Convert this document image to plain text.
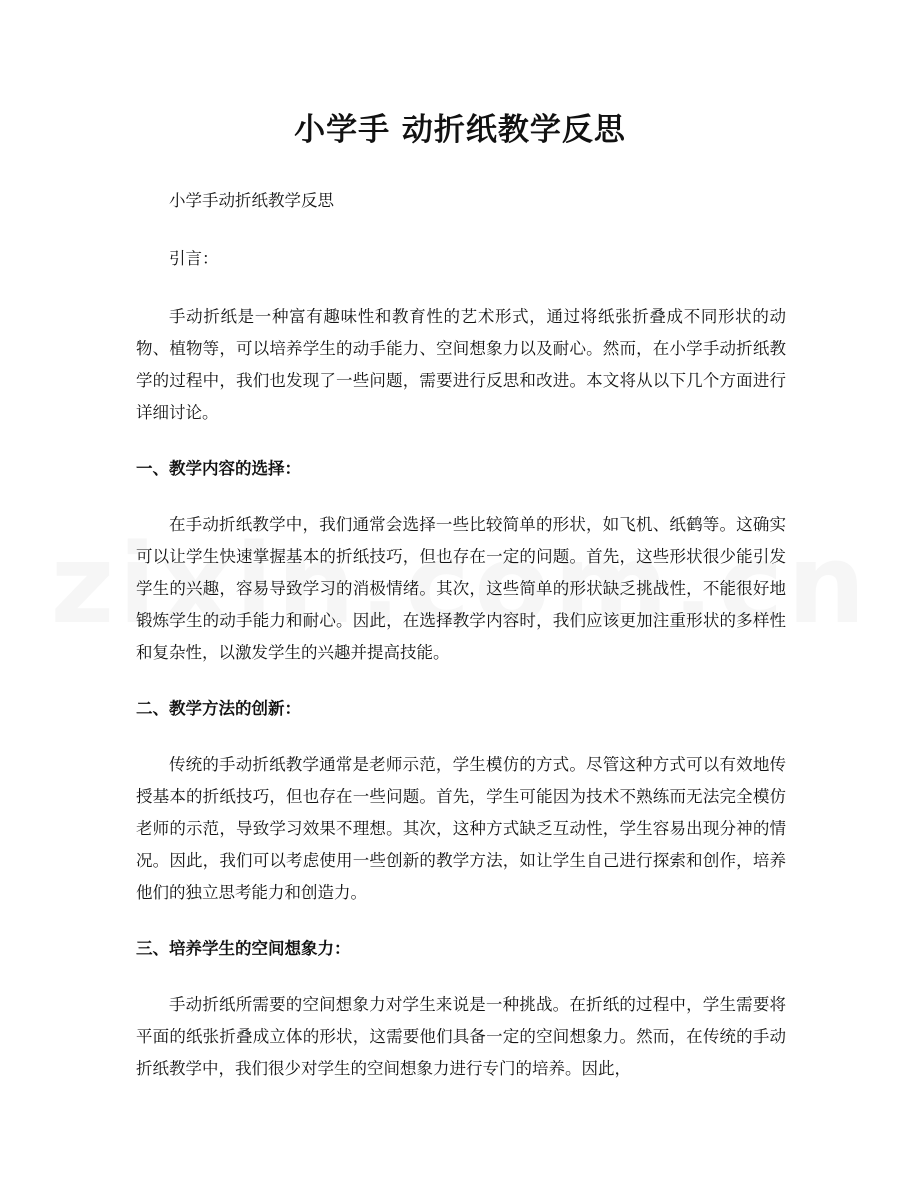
小学手 动折纸教学反思

小学手动折纸教学反思

引言：

手动折纸是一种富有趣味性和教育性的艺术形式，通过将纸张折叠成不同形状的动物、植物等，可以培养学生的动手能力、空间想象力以及耐心。然而，在小学手动折纸教学的过程中，我们也发现了一些问题，需要进行反思和改进。本文将从以下几个方面进行详细讨论。

一、教学内容的选择：

在手动折纸教学中，我们通常会选择一些比较简单的形状，如飞机、纸鹤等。这确实可以让学生快速掌握基本的折纸技巧，但也存在一定的问题。首先，这些形状很少能引发学生的兴趣，容易导致学习的消极情绪。其次，这些简单的形状缺乏挑战性，不能很好地锻炼学生的动手能力和耐心。因此，在选择教学内容时，我们应该更加注重形状的多样性和复杂性，以激发学生的兴趣并提高技能。

二、教学方法的创新：

传统的手动折纸教学通常是老师示范，学生模仿的方式。尽管这种方式可以有效地传授基本的折纸技巧，但也存在一些问题。首先，学生可能因为技术不熟练而无法完全模仿老师的示范，导致学习效果不理想。其次，这种方式缺乏互动性，学生容易出现分神的情况。因此，我们可以考虑使用一些创新的教学方法，如让学生自己进行探索和创作，培养他们的独立思考能力和创造力。

三、培养学生的空间想象力：

手动折纸所需要的空间想象力对学生来说是一种挑战。在折纸的过程中，学生需要将平面的纸张折叠成立体的形状，这需要他们具备一定的空间想象力。然而，在传统的手动折纸教学中，我们很少对学生的空间想象力进行专门的培养。因此，
